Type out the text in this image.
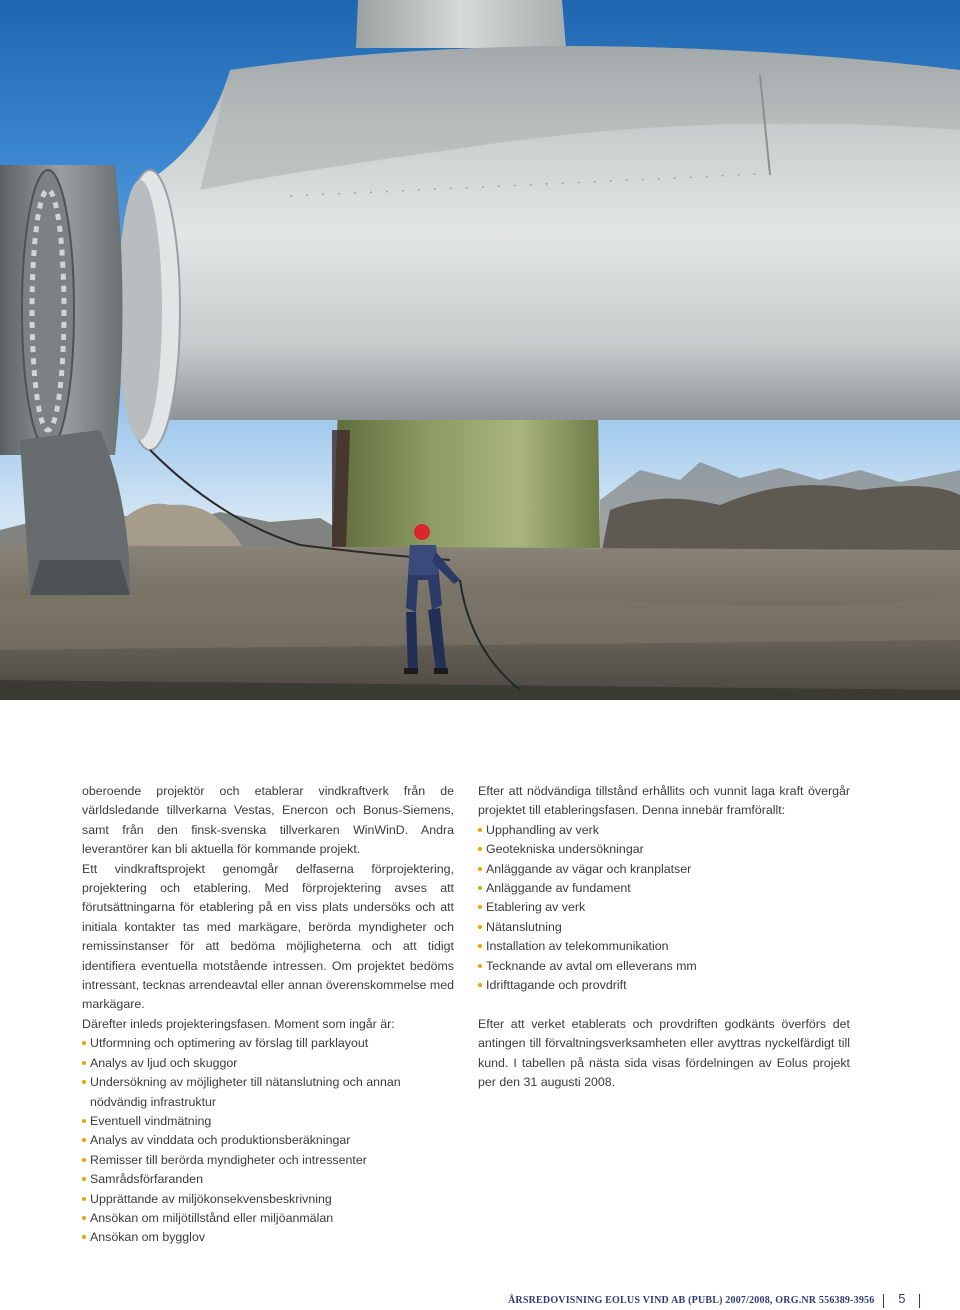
oberoende projektör och etablerar vindkraftverk från de världsledande tillverkarna Vestas, Enercon och Bonus-Siemens, samt från den finsk-svenska tillverkaren WinWinD. Andra leverantörer kan bli aktuella för kommande projekt.

Ett vindkraftsprojekt genomgår delfaserna förprojektering, projektering och etablering. Med förprojektering avses att förutsättningarna för etablering på en viss plats undersöks och att initiala kontakter tas med markägare, berörda myndigheter och remissinstanser för att bedöma möjligheterna och att tidigt identifiera eventuella motstående intressen. Om projektet bedöms intressant, tecknas arrendeavtal eller annan överenskommelse med markägare.

Därefter inleds projekteringsfasen. Moment som ingår är:

Utformning och optimering av förslag till parklayout
Analys av ljud och skuggor
Undersökning av möjligheter till nätanslutning och annan nödvändig infrastruktur
Eventuell vindmätning
Analys av vinddata och produktionsberäkningar
Remisser till berörda myndigheter och intressenter
Samrådsförfaranden
Upprättande av miljökonsekvensbeskrivning
Ansökan om miljötillstånd eller miljöanmälan
Ansökan om bygglov

Efter att nödvändiga tillstånd erhållits och vunnit laga kraft övergår projektet till etableringsfasen. Denna innebär framförallt:

Upphandling av verk
Geotekniska undersökningar
Anläggande av vägar och kranplatser
Anläggande av fundament
Etablering av verk
Nätanslutning
Installation av telekommunikation
Tecknande av avtal om elleverans mm
Idrifttagande och provdrift

Efter att verket etablerats och provdriften godkänts överförs det antingen till förvaltningsverksamheten eller avyttras nyckelfärdigt till kund. I tabellen på nästa sida visas fördelningen av Eolus projekt per den 31 augusti 2008.

ÅRSREDOVISNING EOLUS VIND AB (PUBL) 2007/2008, ORG.NR 556389-3956	5
